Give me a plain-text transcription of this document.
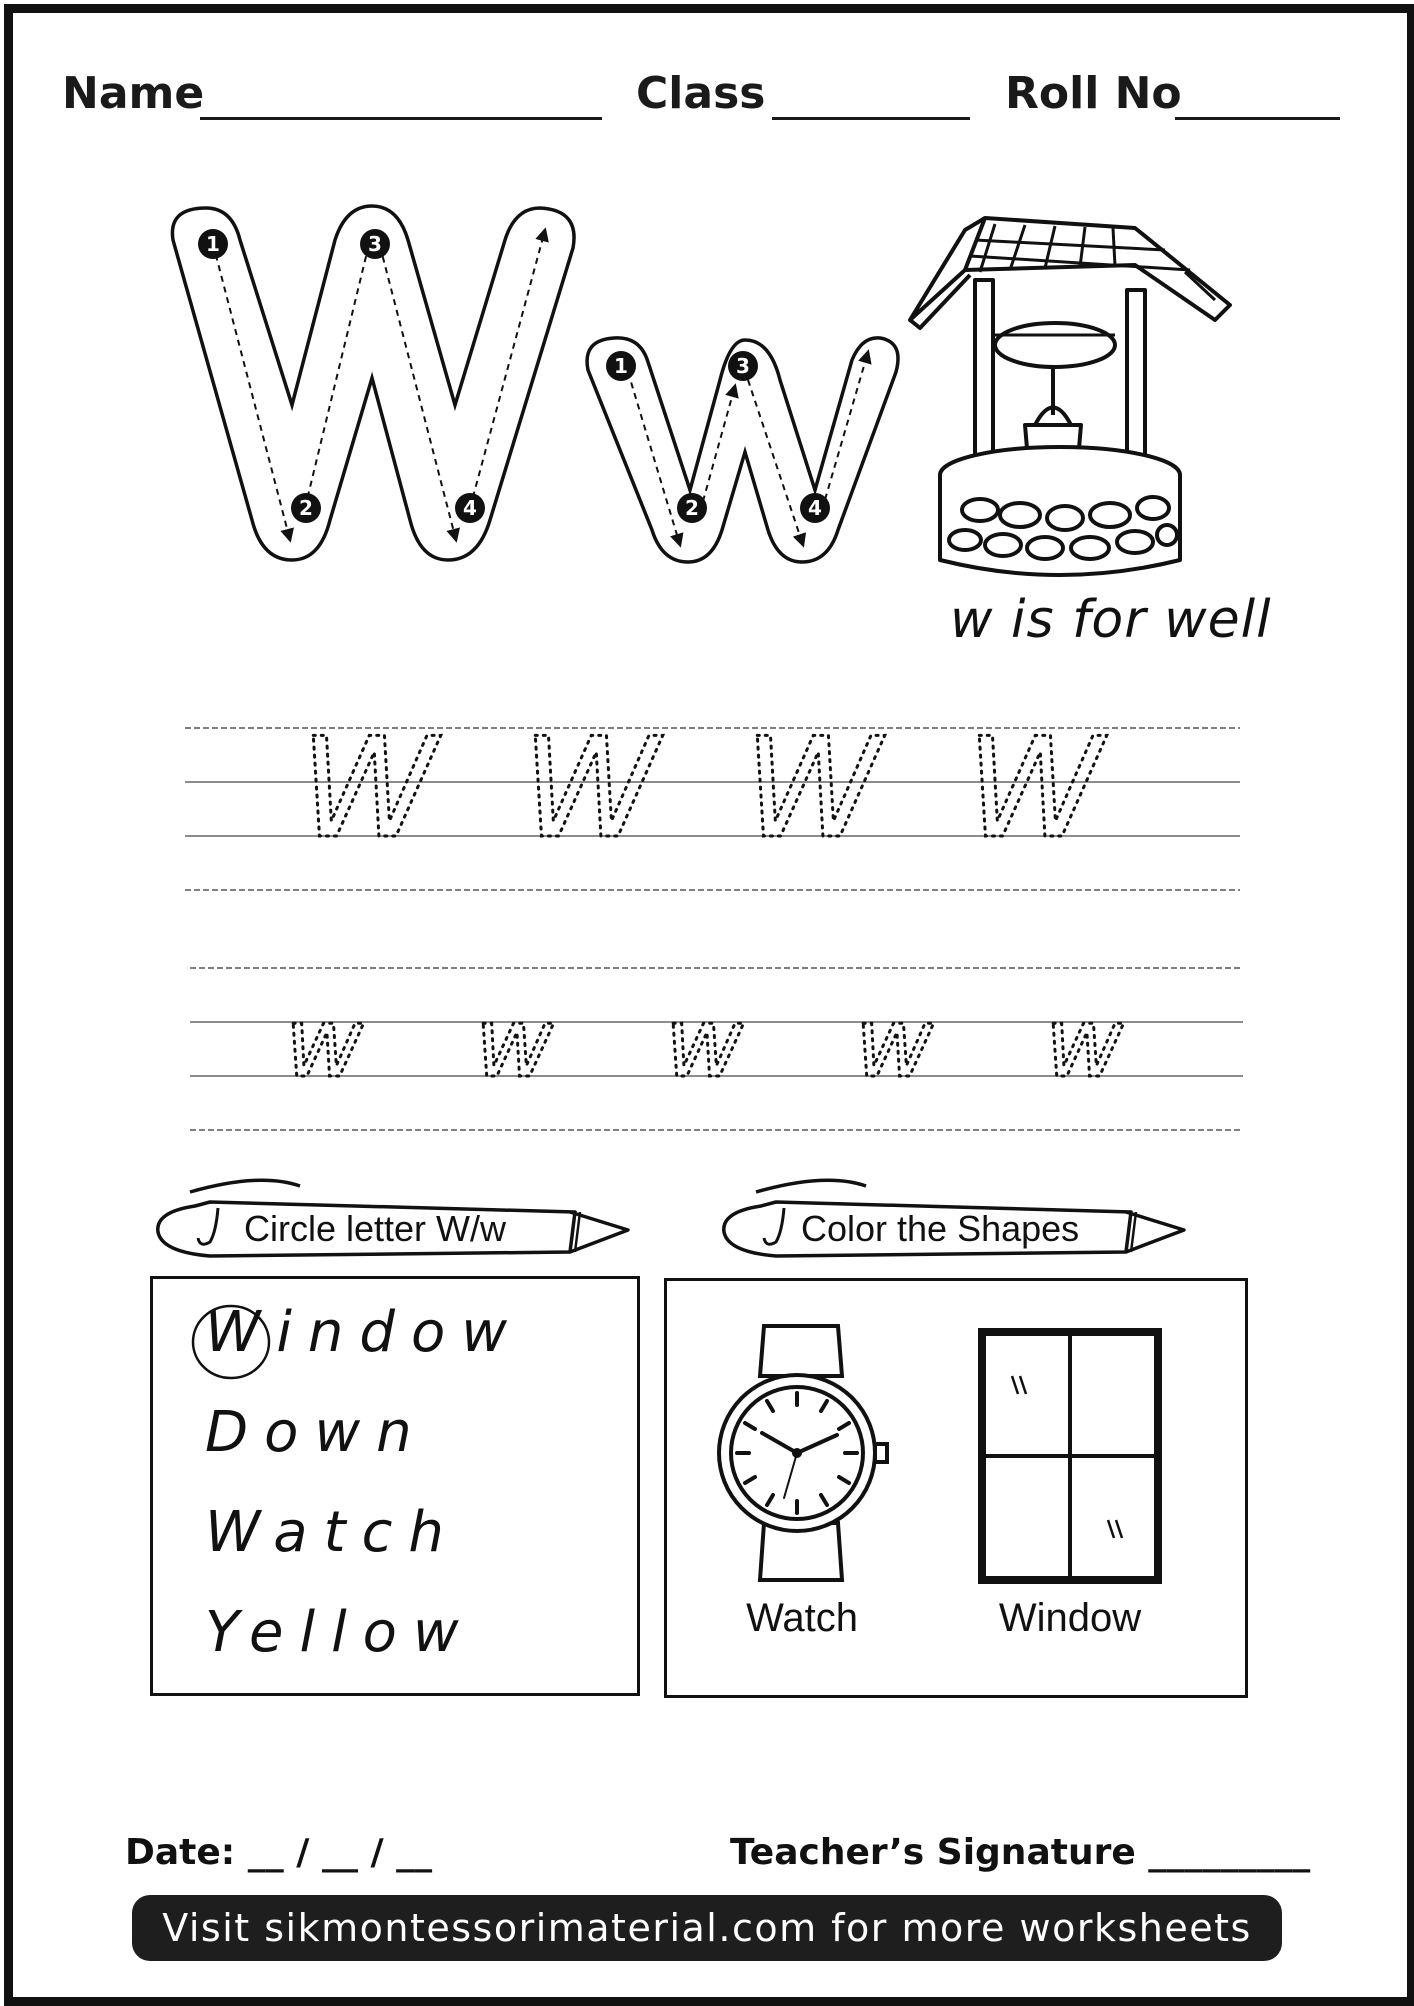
Name	Class	Roll No
1
2
3
4
1
2
3
4
w is for well
W W W W
w w w w w
Circle letter W/w	Color the Shapes
Window
Down
Watch
Yellow	Watch	Window
Date: __ / __ / __	Teacher’s Signature _________
Visit sikmontessorimaterial.com for more worksheets
